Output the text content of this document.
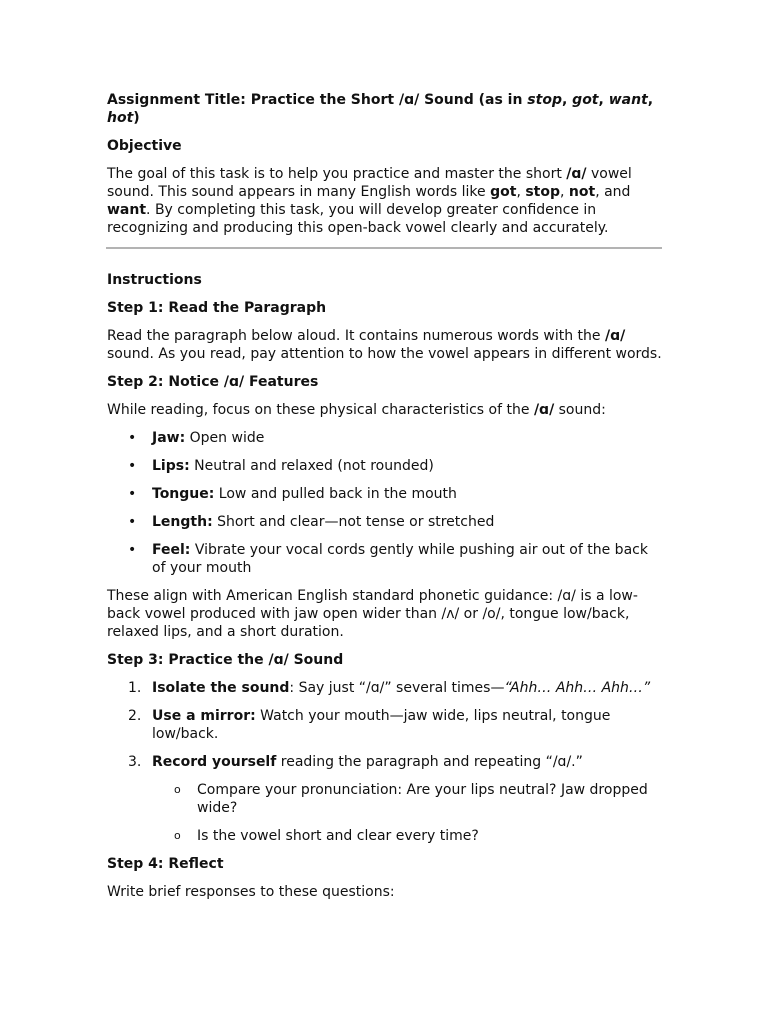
Assignment Title: Practice the Short /ɑ/ Sound (as in stop, got, want, hot)

Objective

The goal of this task is to help you practice and master the short /ɑ/ vowel sound. This sound appears in many English words like got, stop, not, and want. By completing this task, you will develop greater confidence in recognizing and producing this open-back vowel clearly and accurately.

Instructions

Step 1: Read the Paragraph

Read the paragraph below aloud. It contains numerous words with the /ɑ/ sound. As you read, pay attention to how the vowel appears in different words.

Step 2: Notice /ɑ/ Features

While reading, focus on these physical characteristics of the /ɑ/ sound:

• Jaw: Open wide
• Lips: Neutral and relaxed (not rounded)
• Tongue: Low and pulled back in the mouth
• Length: Short and clear—not tense or stretched
• Feel: Vibrate your vocal cords gently while pushing air out of the back of your mouth

These align with American English standard phonetic guidance: /ɑ/ is a low-back vowel produced with jaw open wider than /ʌ/ or /o/, tongue low/back, relaxed lips, and a short duration.

Step 3: Practice the /ɑ/ Sound

1. Isolate the sound: Say just “/ɑ/” several times—“Ahh… Ahh… Ahh…”
2. Use a mirror: Watch your mouth—jaw wide, lips neutral, tongue low/back.
3. Record yourself reading the paragraph and repeating “/ɑ/.”
o Compare your pronunciation: Are your lips neutral? Jaw dropped wide?
o Is the vowel short and clear every time?

Step 4: Reflect

Write brief responses to these questions:
